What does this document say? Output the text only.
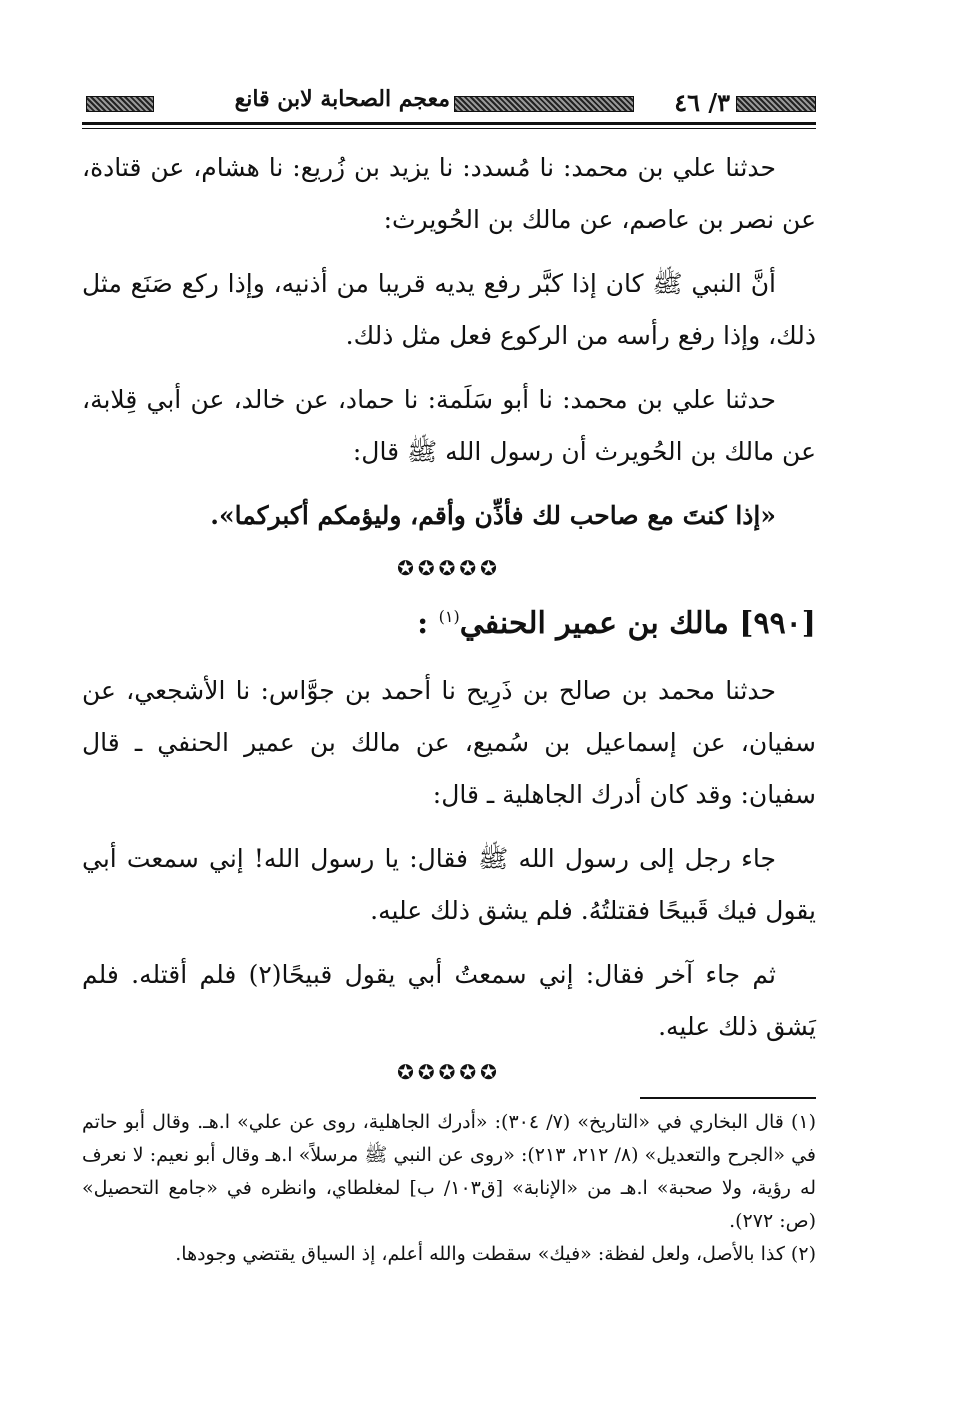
٣/ ٤٦
معجم الصحابة لابن قانع

حدثنا علي بن محمد: نا مُسدد: نا يزيد بن زُريع: نا هشام، عن قتادة، عن نصر بن عاصم، عن مالك بن الحُويرث:

أنَّ النبي ﷺ كان إذا كبَّر رفع يديه قريبا من أذنيه، وإذا ركع صَنَع مثل ذلك، وإذا رفع رأسه من الركوع فعل مثل ذلك.

حدثنا علي بن محمد: نا أبو سَلَمة: نا حماد، عن خالد، عن أبي قِلابة، عن مالك بن الحُويرث أن رسول الله ﷺ قال:

«إذا كنتَ مع صاحب لك فأذِّن وأقم، وليؤمكم أكبركما».

✪✪✪✪✪
[٩٩٠] مالك بن عمير الحنفي$^{(١)}$ :

حدثنا محمد بن صالح بن ذَرِيح نا أحمد بن جوَّاس: نا الأشجعي، عن سفيان، عن إسماعيل بن سُميع، عن مالك بن عمير الحنفي ـ قال سفيان: وقد كان أدرك الجاهلية ـ قال:

جاء رجل إلى رسول الله ﷺ فقال: يا رسول الله! إني سمعت أبي يقول فيك قَبيحًا فقتلتُهُ. فلم يشق ذلك عليه.

ثم جاء آخر فقال: إني سمعتُ أبي يقول قبيحًا(٢) فلم أقتله. فلم يَشق ذلك عليه.

✪✪✪✪✪

(١) قال البخاري في «التاريخ» (٧/ ٣٠٤): «أدرك الجاهلية، روى عن علي» ا.هـ. وقال أبو حاتم في «الجرح والتعديل» (٨/ ٢١٢، ٢١٣): «روى عن النبي ﷺ مرسلاً» ا.هـ وقال أبو نعيم: لا نعرف له رؤية، ولا صحبة» ا.هـ من «الإنابة» [ق١٠٣/ ب] لمغلطاي، وانظره في «جامع التحصيل» (ص: ٢٧٢).

(٢) كذا بالأصل، ولعل لفظة: «فيك» سقطت والله أعلم، إذ السياق يقتضي وجودها.
